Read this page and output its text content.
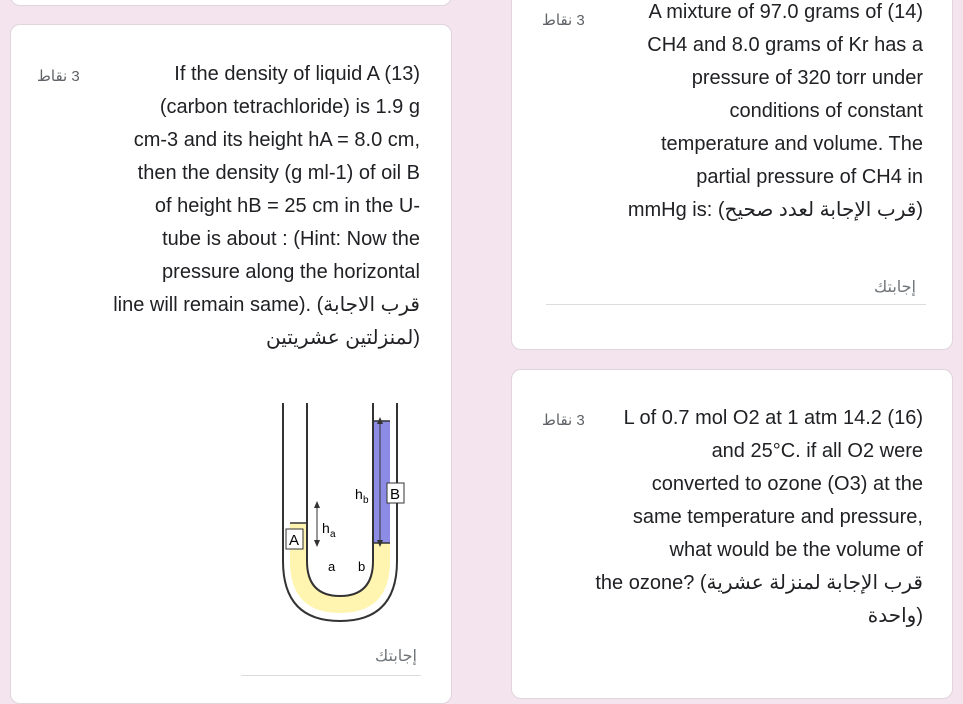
3 نقاط	If the density of liquid A (13)
(carbon tetrachloride) is 1.9 g
cm-3 and its height hA = 8.0 cm,
then the density (g ml-1) of oil B
of height hB = 25 cm in the U-
tube is about : (Hint: Now the
pressure along the horizontal
line will remain same). (قرب الاجابة
لمنزلتين عشريتين)
A
B
h a
h b
a b
إجابتك
3 نقاط	A mixture of 97.0 grams of (14)
CH4 and 8.0 grams of Kr has a
pressure of 320 torr under
conditions of constant
temperature and volume. The
partial pressure of CH4 in
mmHg is: (قرب الإجابة لعدد صحيح)
إجابتك
3 نقاط	L of 0.7 mol O2 at 1 atm 14.2 (16)
and 25°C. if all O2 were
converted to ozone (O3) at the
same temperature and pressure,
what would be the volume of
the ozone? (قرب الإجابة لمنزلة عشرية
واحدة)
